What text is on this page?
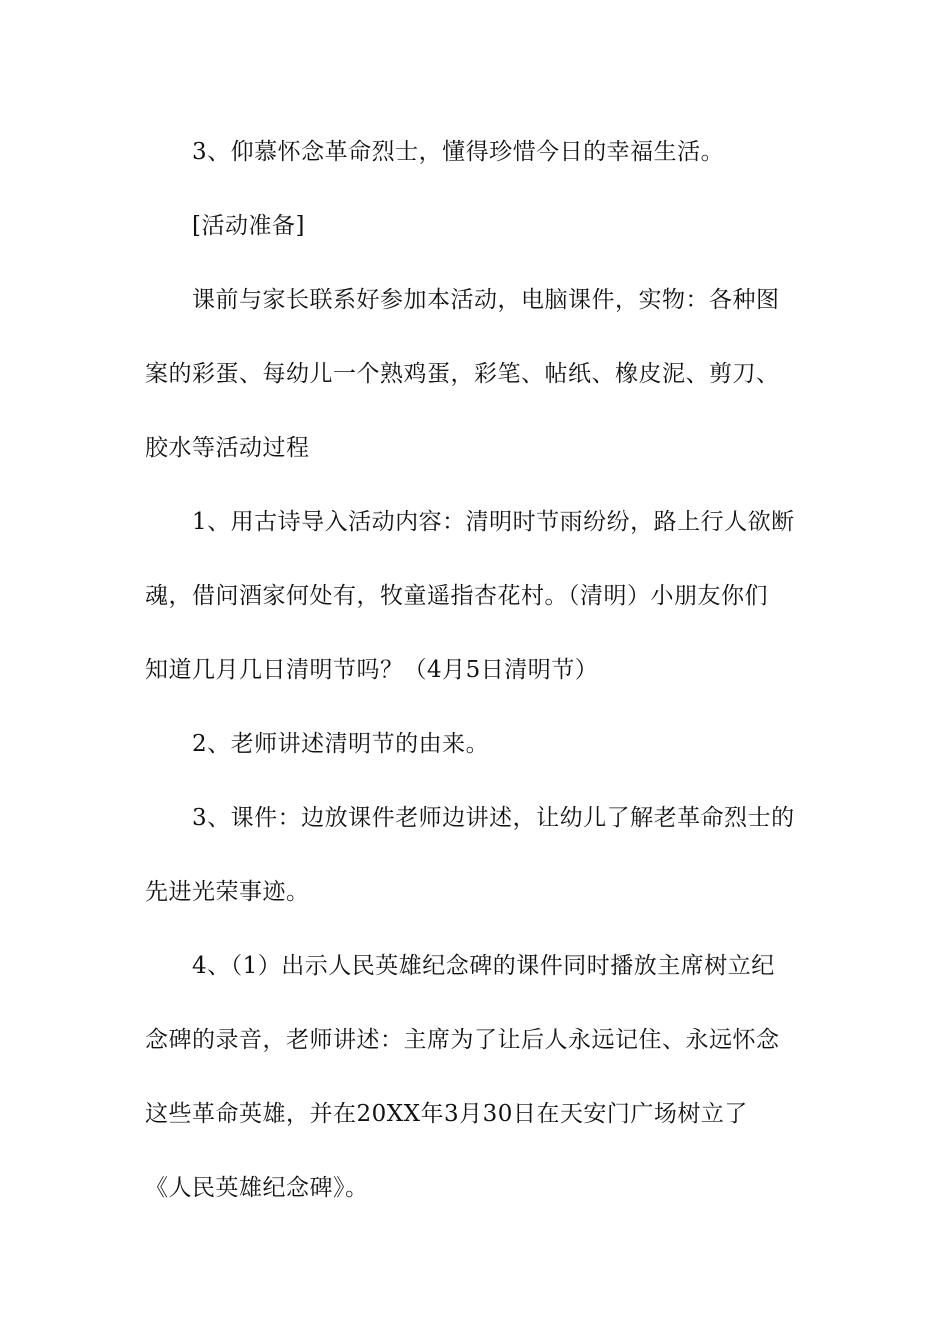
3、仰慕怀念革命烈士，懂得珍惜今日的幸福生活。
[活动准备]
课前与家长联系好参加本活动，电脑课件，实物：各种图
案的彩蛋、每幼儿一个熟鸡蛋，彩笔、帖纸、橡皮泥、剪刀、
胶水等活动过程
1、用古诗导入活动内容：清明时节雨纷纷，路上行人欲断
魂，借问酒家何处有，牧童遥指杏花村。（清明）小朋友你们
知道几月几日清明节吗？（4月5日清明节）
2、老师讲述清明节的由来。
3、课件：边放课件老师边讲述，让幼儿了解老革命烈士的
先进光荣事迹。
4、（1）出示人民英雄纪念碑的课件同时播放主席树立纪
念碑的录音，老师讲述：主席为了让后人永远记住、永远怀念
这些革命英雄，并在20XX年3月30日在天安门广场树立了
《人民英雄纪念碑》。
